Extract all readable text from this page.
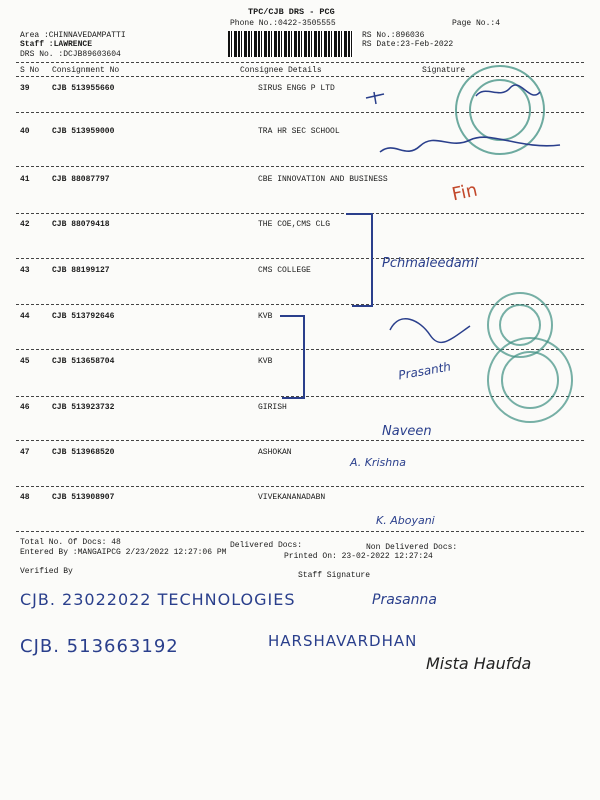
TPC/CJB DRS - PCG
Phone No.:0422-3505555	Page No.:4
Area :CHINNAVEDAMPATTI
Staff :LAWRENCE
DRS No. :DCJB89603604
RS No.:896036
RS Date:23-Feb-2022
S No Consignment No	Consignee Details	Signature
39	CJB 513955660	SIRUS ENGG P LTD
40	CJB 513959000	TRA HR SEC SCHOOL
41	CJB 88087797	CBE INNOVATION AND BUSINESS
42	CJB 88079418	THE COE,CMS CLG
43	CJB 88199127	CMS COLLEGE
44	CJB 513792646	KVB
45	CJB 513658704	KVB
46	CJB 513923732	GIRISH
47	CJB 513968520	ASHOKAN
48	CJB 513908907	VIVEKANANADABN
Total No. Of Docs: 48	Delivered Docs:	Non Delivered Docs:
Entered By :MANGAIPCG 2/23/2022 12:27:06 PM	Printed On: 23-02-2022 12:27:24
Verified By	Staff Signature
Fin
Pchmaleedami
Prasanth
Naveen
A. Krishna
K. Aboyani
CJB. 23022022 TECHNOLOGIES	Prasanna
CJB. 513663192	HARSHAVARDHAN
Mista Haufda
